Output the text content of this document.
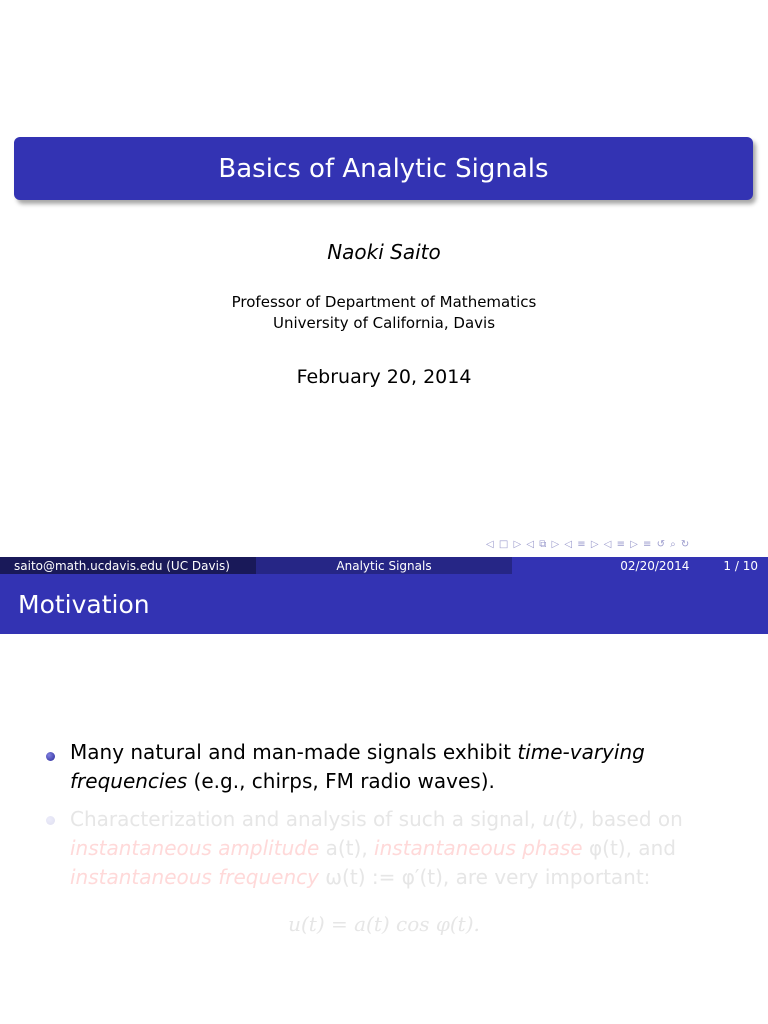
Basics of Analytic Signals
Naoki Saito
Professor of Department of Mathematics
University of California, Davis
February 20, 2014
◁ □ ▷ ◁ ⧉ ▷ ◁ ≡ ▷ ◁ ≡ ▷ ≡ ↺ ⌕ ↻
saito@math.ucdavis.edu (UC Davis)	Analytic Signals	02/20/2014	1 / 10
Motivation
Many natural and man-made signals exhibit time-varying frequencies (e.g., chirps, FM radio waves).
Characterization and analysis of such a signal, u(t), based on instantaneous amplitude a(t), instantaneous phase φ(t), and instantaneous frequency ω(t) := φ′(t), are very important:
u(t) = a(t) cos φ(t).
